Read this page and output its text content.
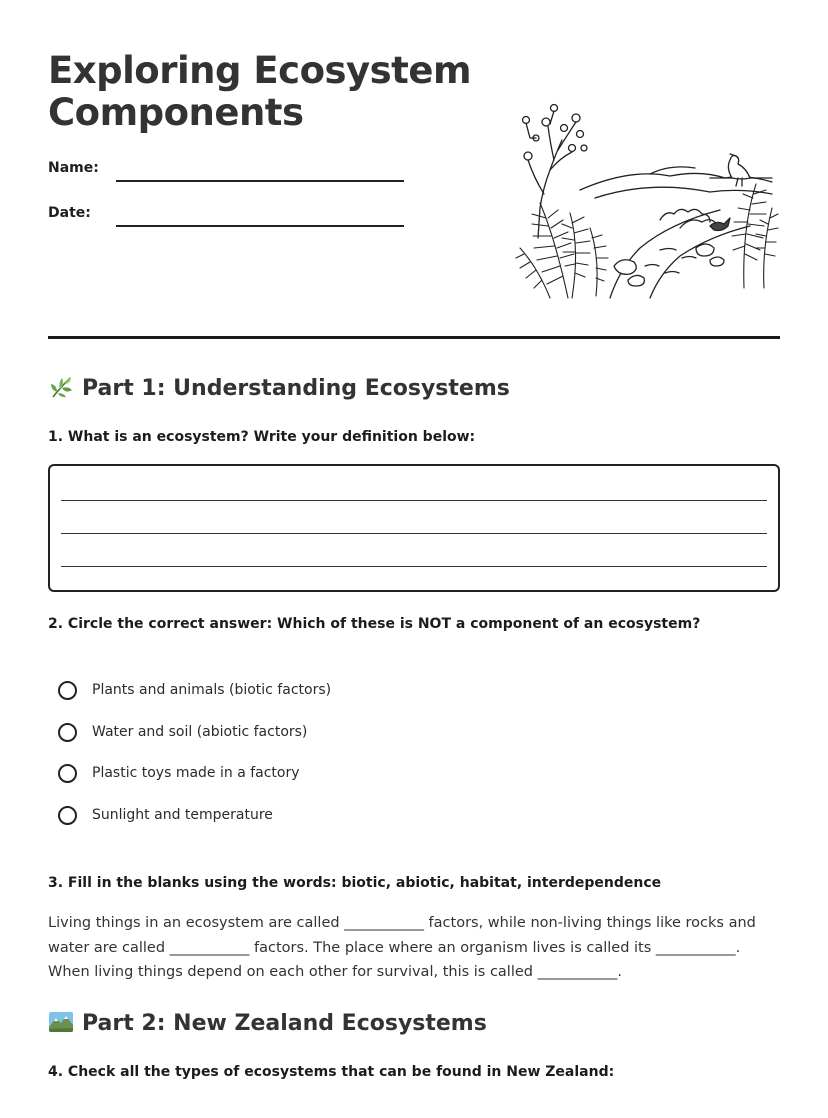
Exploring Ecosystem Components
Name:
Date:
Part 1: Understanding Ecosystems

1. What is an ecosystem? Write your definition below:

2. Circle the correct answer: Which of these is NOT a component of an ecosystem?

Plants and animals (biotic factors)
Water and soil (abiotic factors)
Plastic toys made in a factory
Sunlight and temperature

3. Fill in the blanks using the words: biotic, abiotic, habitat, interdependence

Living things in an ecosystem are called ___________ factors, while non-living things like rocks and water are called ___________ factors. The place where an organism lives is called its ___________. When living things depend on each other for survival, this is called ___________.

Part 2: New Zealand Ecosystems

4. Check all the types of ecosystems that can be found in New Zealand:
